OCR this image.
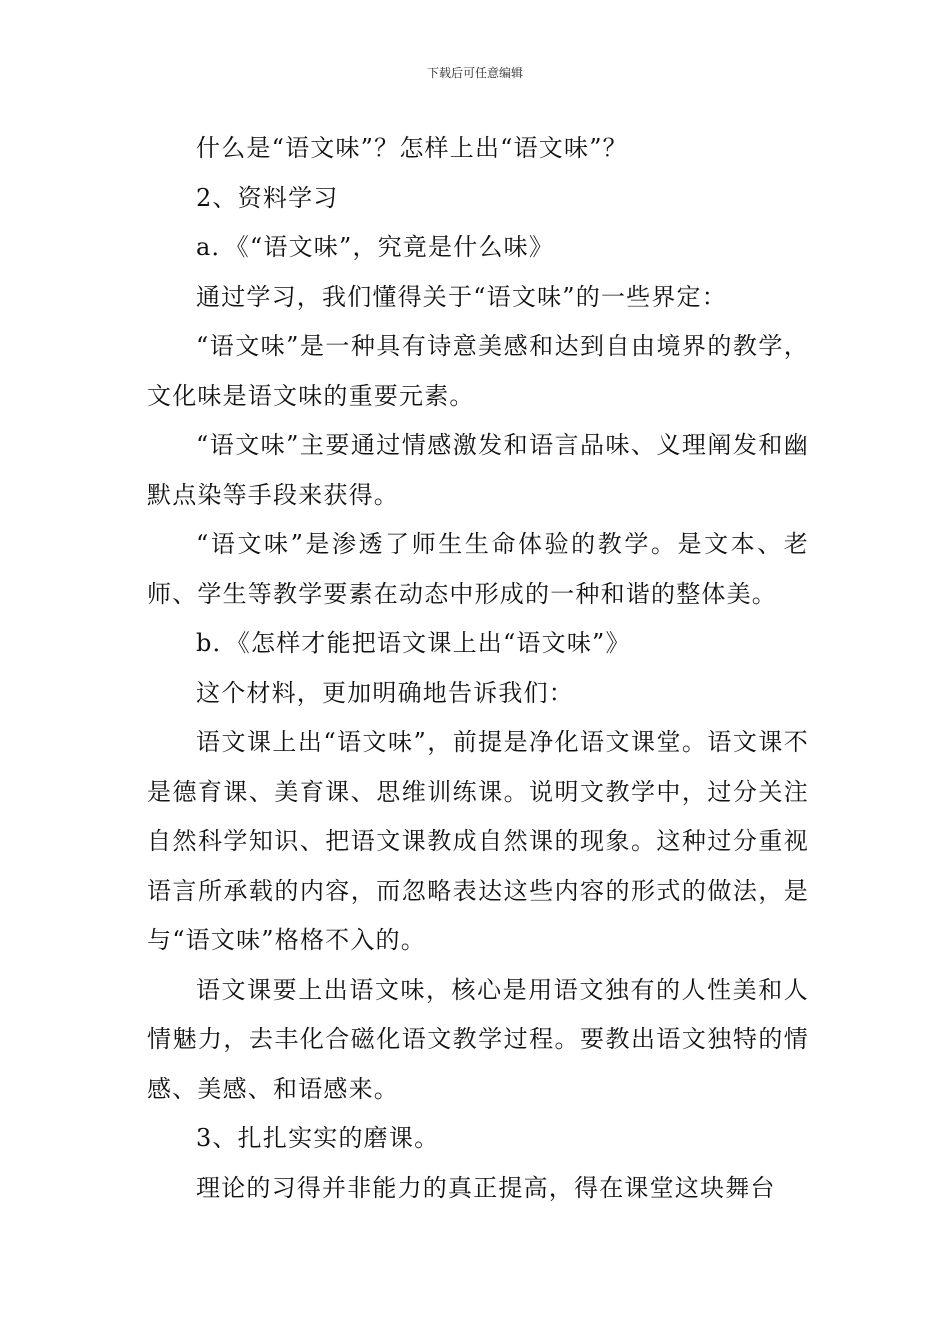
下载后可任意编辑

什么是“语文味”？怎样上出“语文味”？

2、资料学习

a．《“语文味”，究竟是什么味》

通过学习，我们懂得关于“语文味”的一些界定：

“语文味”是一种具有诗意美感和达到自由境界的教学，文化味是语文味的重要元素。

“语文味”主要通过情感激发和语言品味、义理阐发和幽默点染等手段来获得。

“语文味”是渗透了师生生命体验的教学。是文本、老师、学生等教学要素在动态中形成的一种和谐的整体美。

b．《怎样才能把语文课上出“语文味”》

这个材料，更加明确地告诉我们：

语文课上出“语文味”，前提是净化语文课堂。语文课不是德育课、美育课、思维训练课。说明文教学中，过分关注自然科学知识、把语文课教成自然课的现象。这种过分重视语言所承载的内容，而忽略表达这些内容的形式的做法，是与“语文味”格格不入的。

语文课要上出语文味，核心是用语文独有的人性美和人情魅力，去丰化合磁化语文教学过程。要教出语文独特的情感、美感、和语感来。

3、扎扎实实的磨课。

理论的习得并非能力的真正提高，得在课堂这块舞台
